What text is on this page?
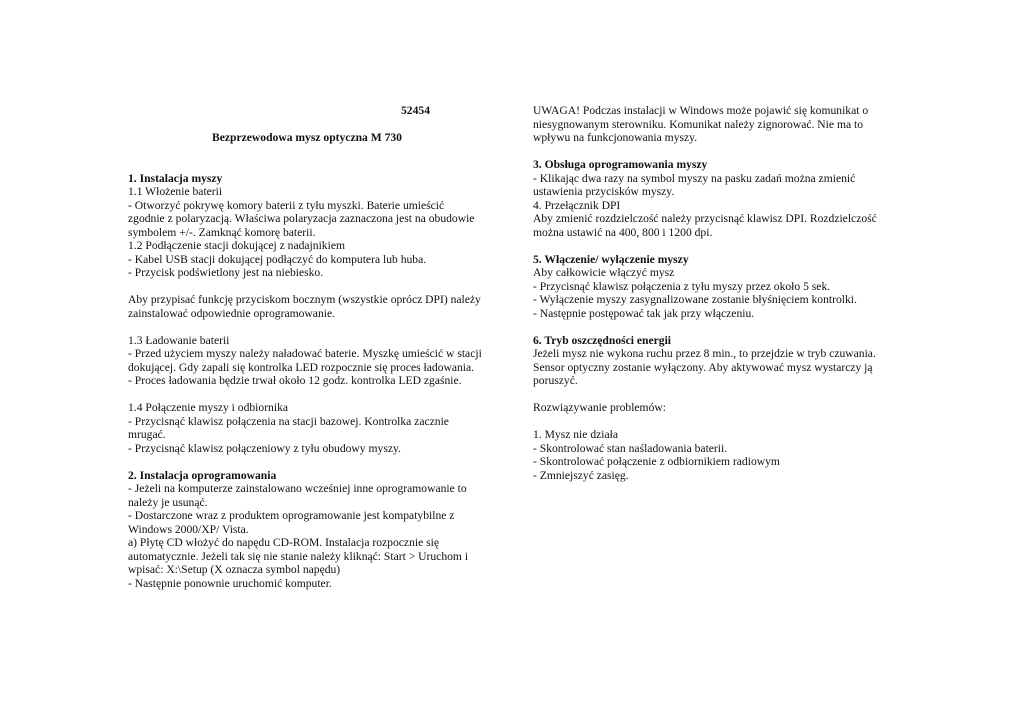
52454
Bezprzewodowa mysz optyczna M 730
1. Instalacja myszy
1.1 Włożenie baterii
- Otworzyć pokrywę komory baterii z tyłu myszki. Baterie umieścić
zgodnie z polaryzacją. Właściwa polaryzacja zaznaczona jest na obudowie
symbolem +/-. Zamknąć komorę baterii.
1.2 Podłączenie stacji dokującej z nadajnikiem
- Kabel USB stacji dokującej podłączyć do komputera lub huba.
- Przycisk podświetlony jest na niebiesko.
Aby przypisać funkcję przyciskom bocznym (wszystkie oprócz DPI) należy
zainstalować odpowiednie oprogramowanie.
1.3 Ładowanie baterii
- Przed użyciem myszy należy naładować baterie. Myszkę umieścić w stacji
dokującej. Gdy zapali się kontrolka LED rozpocznie się proces ładowania.
- Proces ładowania będzie trwał około 12 godz. kontrolka LED zgaśnie.
1.4 Połączenie myszy i odbiornika
- Przycisnąć klawisz połączenia na stacji bazowej. Kontrolka zacznie
mrugać.
- Przycisnąć klawisz połączeniowy z tyłu obudowy myszy.
2. Instalacja oprogramowania
- Jeżeli na komputerze zainstalowano wcześniej inne oprogramowanie to
należy je usunąć.
- Dostarczone wraz z produktem oprogramowanie jest kompatybilne z
Windows 2000/XP/ Vista.
a) Płytę CD włożyć do napędu CD-ROM. Instalacja rozpocznie się
automatycznie. Jeżeli tak się nie stanie należy kliknąć: Start > Uruchom i
wpisać: X:\Setup (X oznacza symbol napędu)
- Następnie ponownie uruchomić komputer.
UWAGA! Podczas instalacji w Windows może pojawić się komunikat o
niesygnowanym sterowniku. Komunikat należy zignorować. Nie ma to
wpływu na funkcjonowania myszy.
3. Obsługa oprogramowania myszy
- Klikając dwa razy na symbol myszy na pasku zadań można zmienić
ustawienia przycisków myszy.
4. Przełącznik DPI
Aby zmienić rozdzielczość należy przycisnąć klawisz DPI. Rozdzielczość
można ustawić na 400, 800 i 1200 dpi.
5. Włączenie/ wyłączenie myszy
Aby całkowicie włączyć mysz
- Przycisnąć klawisz połączenia z tyłu myszy przez około 5 sek.
- Wyłączenie myszy zasygnalizowane zostanie błyśnięciem kontrolki.
- Następnie postępować tak jak przy włączeniu.
6. Tryb oszczędności energii
Jeżeli mysz nie wykona ruchu przez 8 min., to przejdzie w tryb czuwania.
Sensor optyczny zostanie wyłączony. Aby aktywować mysz wystarczy ją
poruszyć.
Rozwiązywanie problemów:
1. Mysz nie działa
- Skontrolować stan naśladowania baterii.
- Skontrolować połączenie z odbiornikiem radiowym
- Zmniejszyć zasięg.
